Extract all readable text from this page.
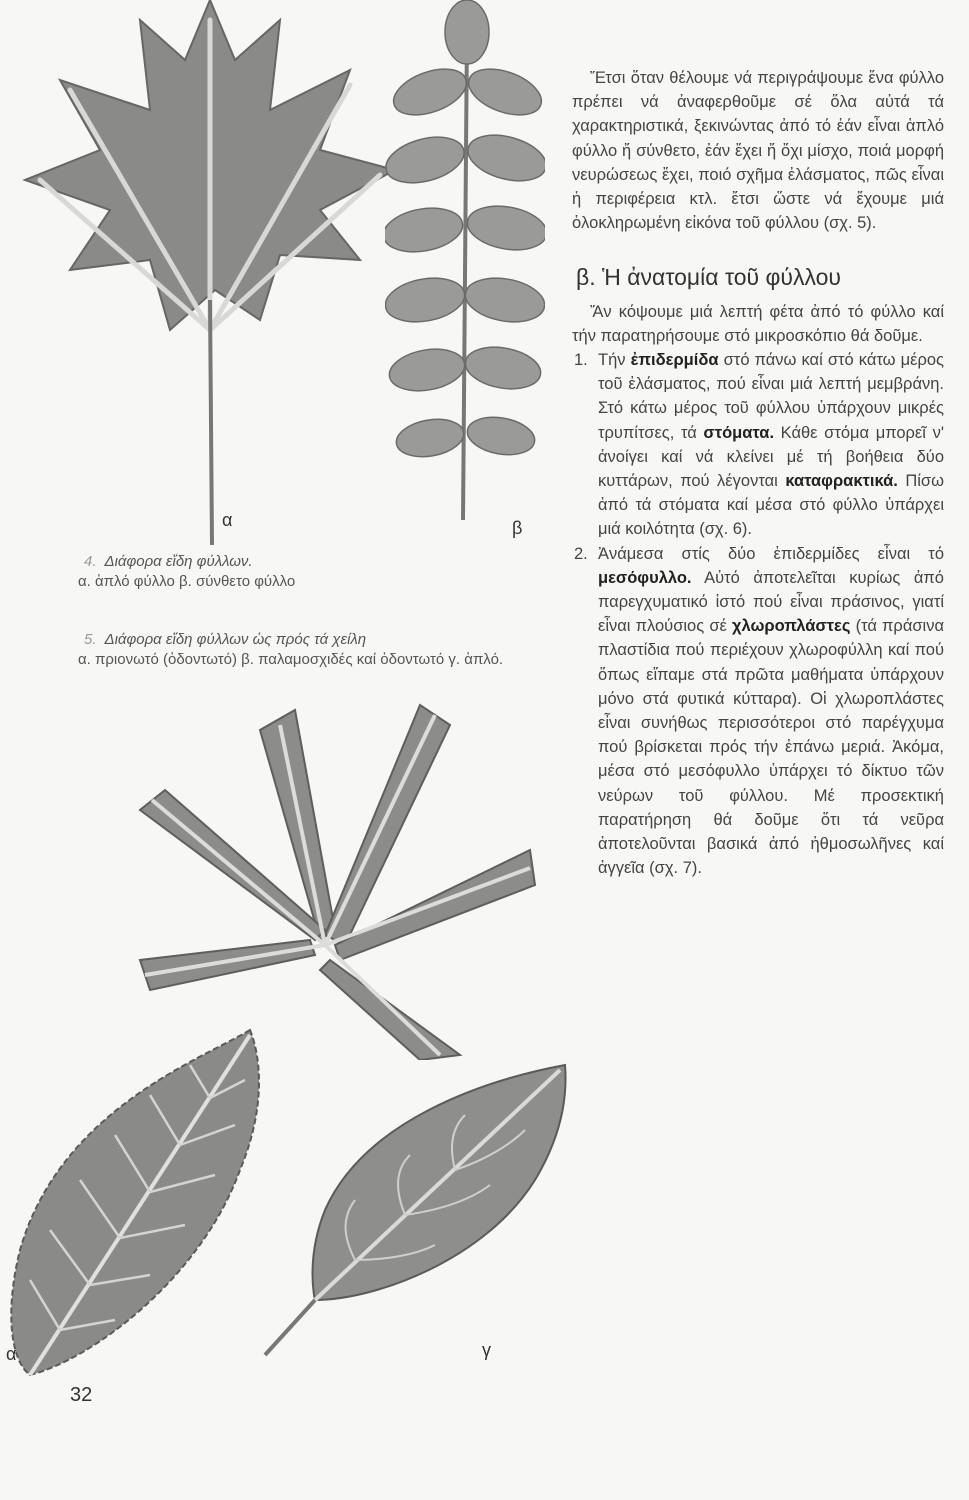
α	β
4. Διάφορα εἴδη φύλλων.
α. ἁπλό φύλλο β. σύνθετο φύλλο
5. Διάφορα εἴδη φύλλων ὡς πρός τά χείλη
α. πριονωτό (ὀδοντωτό) β. παλαμοσχιδές καί ὀδοντωτό γ. ἁπλό.
α	γ

Ἔτσι ὅταν θέλουμε νά περιγράψουμε ἕνα φύλλο πρέπει νά ἀναφερθοῦμε σέ ὅλα αὐτά τά χαρακτηριστικά, ξεκινώντας ἀπό τό ἐάν εἶναι ἁπλό φύλλο ἤ σύνθετο, ἐάν ἔχει ἤ ὄχι μίσχο, ποιά μορφή νευρώσεως ἔχει, ποιό σχῆμα ἐλάσματος, πῶς εἶναι ἡ περιφέρεια κτλ. ἔτσι ὥστε νά ἔχουμε μιά ὁλοκληρωμένη εἰκόνα τοῦ φύλλου (σχ. 5).

β. Ἡ ἀνατομία τοῦ φύλλου

Ἄν κόψουμε μιά λεπτή φέτα ἀπό τό φύλλο καί τήν παρατηρήσουμε στό μικροσκόπιο θά δοῦμε.

1. Τήν ἐπιδερμίδα στό πάνω καί στό κάτω μέρος τοῦ ἐλάσματος, πού εἶναι μιά λεπτή μεμβράνη. Στό κάτω μέρος τοῦ φύλλου ὑπάρχουν μικρές τρυπίτσες, τά στόματα. Κάθε στόμα μπορεῖ ν' ἀνοίγει καί νά κλείνει μέ τή βοήθεια δύο κυττάρων, πού λέγονται καταφρακτικά. Πίσω ἀπό τά στόματα καί μέσα στό φύλλο ὑπάρχει μιά κοιλότητα (σχ. 6).

2. Ἀνάμεσα στίς δύο ἐπιδερμίδες εἶναι τό μεσόφυλλο. Αὐτό ἀποτελεῖται κυρίως ἀπό παρεγχυματικό ἱστό πού εἶναι πράσινος, γιατί εἶναι πλούσιος σέ χλωροπλάστες (τά πράσινα πλαστίδια πού περιέχουν χλωροφύλλη καί πού ὅπως εἴπαμε στά πρῶτα μαθήματα ὑπάρχουν μόνο στά φυτικά κύτταρα). Οἱ χλωροπλάστες εἶναι συνήθως περισσότεροι στό παρέγχυμα πού βρίσκεται πρός τήν ἐπάνω μεριά. Ἀκόμα, μέσα στό μεσόφυλλο ὑπάρχει τό δίκτυο τῶν νεύρων τοῦ φύλλου. Μέ προσεκτική παρατήρηση θά δοῦμε ὅτι τά νεῦρα ἀποτελοῦνται βασικά ἀπό ἠθμοσωλῆνες καί ἀγγεῖα (σχ. 7).

32
